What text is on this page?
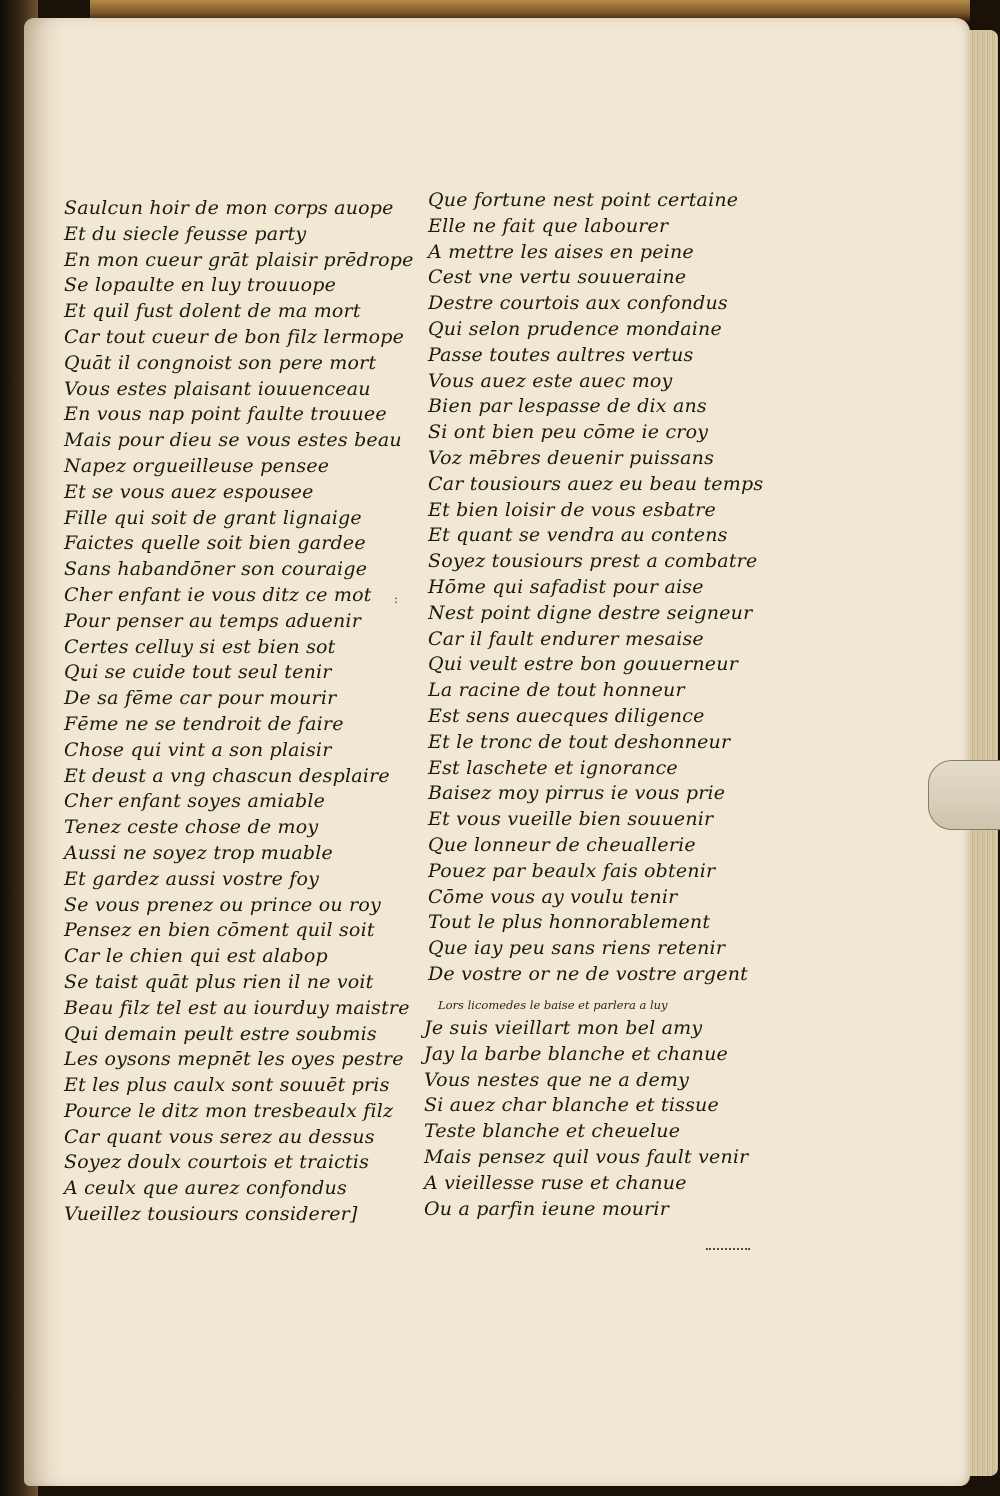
Saulcun hoir de mon corps auope
Et du siecle feusse party
En mon cueur grāt plaisir prēdrope
Se lopaulte en luy trouuope
Et quil fust dolent de ma mort
Car tout cueur de bon filz lermope
Quāt il congnoist son pere mort
Vous estes plaisant iouuenceau
En vous nap point faulte trouuee
Mais pour dieu se vous estes beau
Napez orgueilleuse pensee
Et se vous auez espousee
Fille qui soit de grant lignaige
Faictes quelle soit bien gardee
Sans habandōner son couraige
Cher enfant ie vous ditz ce mot
Pour penser au temps aduenir
Certes celluy si est bien sot
Qui se cuide tout seul tenir
De sa fēme car pour mourir
Fēme ne se tendroit de faire
Chose qui vint a son plaisir
Et deust a vng chascun desplaire
Cher enfant soyes amiable
Tenez ceste chose de moy
Aussi ne soyez trop muable
Et gardez aussi vostre foy
Se vous prenez ou prince ou roy
Pensez en bien cōment quil soit
Car le chien qui est alabop
Se taist quāt plus rien il ne voit
Beau filz tel est au iourduy maistre
Qui demain peult estre soubmis
Les oysons mepnēt les oyes pestre
Et les plus caulx sont souuēt pris
Pource le ditz mon tresbeaulx filz
Car quant vous serez au dessus
Soyez doulx courtois et traictis
A ceulx que aurez confondus
Vueillez tousiours considerer]
Que fortune nest point certaine
Elle ne fait que labourer
A mettre les aises en peine
Cest vne vertu souueraine
Destre courtois aux confondus
Qui selon prudence mondaine
Passe toutes aultres vertus
Vous auez este auec moy
Bien par lespasse de dix ans
Si ont bien peu cōme ie croy
Voz mēbres deuenir puissans
Car tousiours auez eu beau temps
Et bien loisir de vous esbatre
Et quant se vendra au contens
Soyez tousiours prest a combatre
Hōme qui safadist pour aise
Nest point digne destre seigneur
Car il fault endurer mesaise
Qui veult estre bon gouuerneur
La racine de tout honneur
Est sens auecques diligence
Et le tronc de tout deshonneur
Est laschete et ignorance
Baisez moy pirrus ie vous prie
Et vous vueille bien souuenir
Que lonneur de cheuallerie
Pouez par beaulx fais obtenir
Cōme vous ay voulu tenir
Tout le plus honnorablement
Que iay peu sans riens retenir
De vostre or ne de vostre argent
:
Lors licomedes le baise et parlera a luy
Je suis vieillart mon bel amy
Jay la barbe blanche et chanue
Vous nestes que ne a demy
Si auez char blanche et tissue
Teste blanche et cheuelue
Mais pensez quil vous fault venir
A vieillesse ruse et chanue
Ou a parfin ieune mourir
